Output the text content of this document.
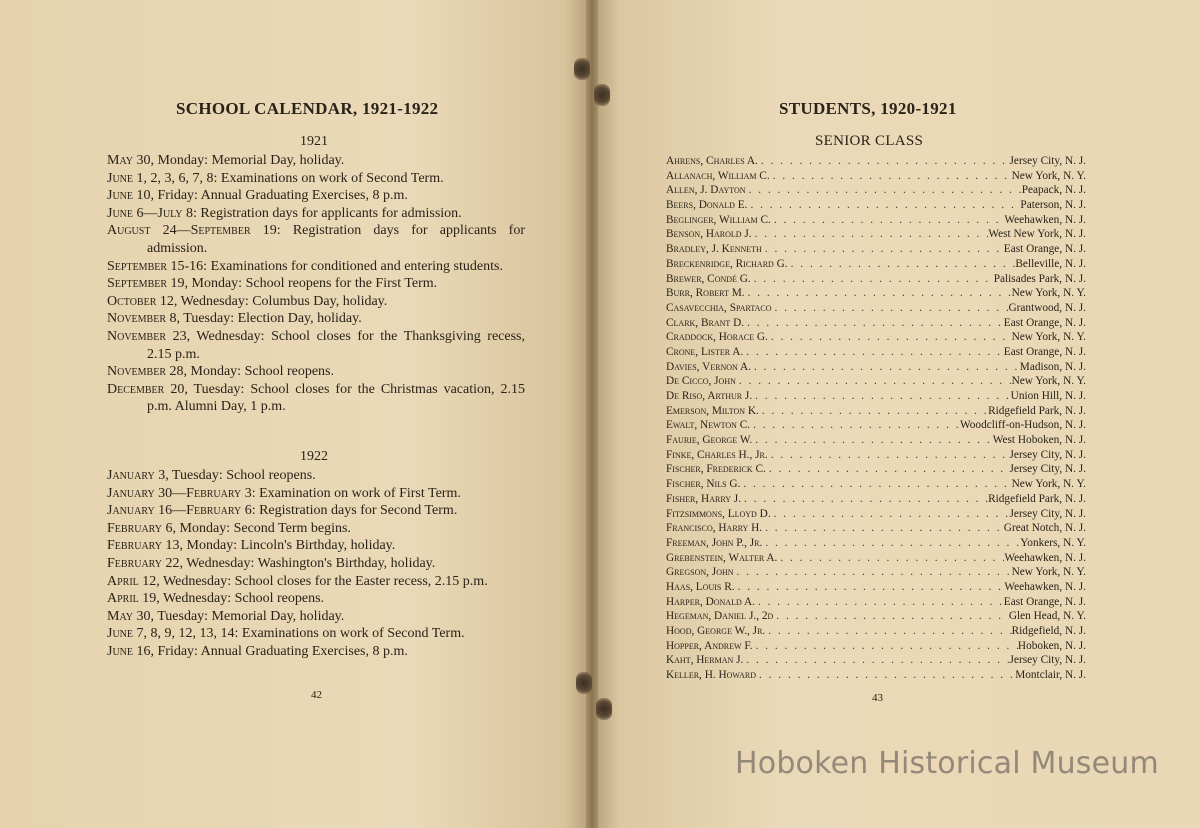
SCHOOL CALENDAR, 1921-1922
1921

May 30, Monday: Memorial Day, holiday.

June 1, 2, 3, 6, 7, 8: Examinations on work of Second Term.

June 10, Friday: Annual Graduating Exercises, 8 p.m.

June 6—July 8: Registration days for applicants for admission.

August 24—September 19: Registration days for applicants for admission.

September 15-16: Examinations for conditioned and entering students.

September 19, Monday: School reopens for the First Term.

October 12, Wednesday: Columbus Day, holiday.

November 8, Tuesday: Election Day, holiday.

November 23, Wednesday: School closes for the Thanksgiving recess, 2.15 p.m.

November 28, Monday: School reopens.

December 20, Tuesday: School closes for the Christmas vacation, 2.15 p.m. Alumni Day, 1 p.m.

1922

January 3, Tuesday: School reopens.

January 30—February 3: Examination on work of First Term.

January 16—February 6: Registration days for Second Term.

February 6, Monday: Second Term begins.

February 13, Monday: Lincoln's Birthday, holiday.

February 22, Wednesday: Washington's Birthday, holiday.

April 12, Wednesday: School closes for the Easter recess, 2.15 p.m.

April 19, Wednesday: School reopens.

May 30, Tuesday: Memorial Day, holiday.

June 7, 8, 9, 12, 13, 14: Examinations on work of Second Term.

June 16, Friday: Annual Graduating Exercises, 8 p.m.

42
STUDENTS, 1920-1921
SENIOR CLASS
Ahrens, Charles A. . . .	Jersey City, N. J.
Allanach, William C. . . .	New York, N. Y.
Allen, J. Dayton . . .	Peapack, N. J.
Beers, Donald E. . . .	Paterson, N. J.
Beglinger, William C. . . .	Weehawken, N. J.
Benson, Harold J. . . .	West New York, N. J.
Bradley, J. Kenneth . . .	East Orange, N. J.
Breckenridge, Richard G. . . .	Belleville, N. J.
Brewer, Condé G. . . .	Palisades Park, N. J.
Burr, Robert M. . . .	New York, N. Y.
Casavecchia, Spartaco . . .	Grantwood, N. J.
Clark, Brant D. . . .	East Orange, N. J.
Craddock, Horace G. . . .	New York, N. Y.
Crone, Lister A. . . .	East Orange, N. J.
Davies, Vernon A. . . .	Madison, N. J.
De Cicco, John . . .	New York, N. Y.
De Riso, Arthur J. . . .	Union Hill, N. J.
Emerson, Milton K. . . .	Ridgefield Park, N. J.
Ewalt, Newton C. . . .	Woodcliff-on-Hudson, N. J.
Faurie, George W. . . .	West Hoboken, N. J.
Finke, Charles H., Jr. . . .	Jersey City, N. J.
Fischer, Frederick C. . . .	Jersey City, N. J.
Fischer, Nils G. . . .	New York, N. Y.
Fisher, Harry J. . . .	Ridgefield Park, N. J.
Fitzsimmons, Lloyd D. . . .	Jersey City, N. J.
Francisco, Harry H. . . .	Great Notch, N. J.
Freeman, John P., Jr. . . .	Yonkers, N. Y.
Grebenstein, Walter A. . . .	Weehawken, N. J.
Gregson, John . . .	New York, N. Y.
Haas, Louis R. . . .	Weehawken, N. J.
Harper, Donald A. . . .	East Orange, N. J.
Hegeman, Daniel J., 2d . . .	Glen Head, N. Y.
Hood, George W., Jr. . . .	Ridgefield, N. J.
Hopper, Andrew F. . . .	Hoboken, N. J.
Kaht, Herman J. . . .	Jersey City, N. J.
Keller, H. Howard . . .	Montclair, N. J.
43
Hoboken Historical Museum
